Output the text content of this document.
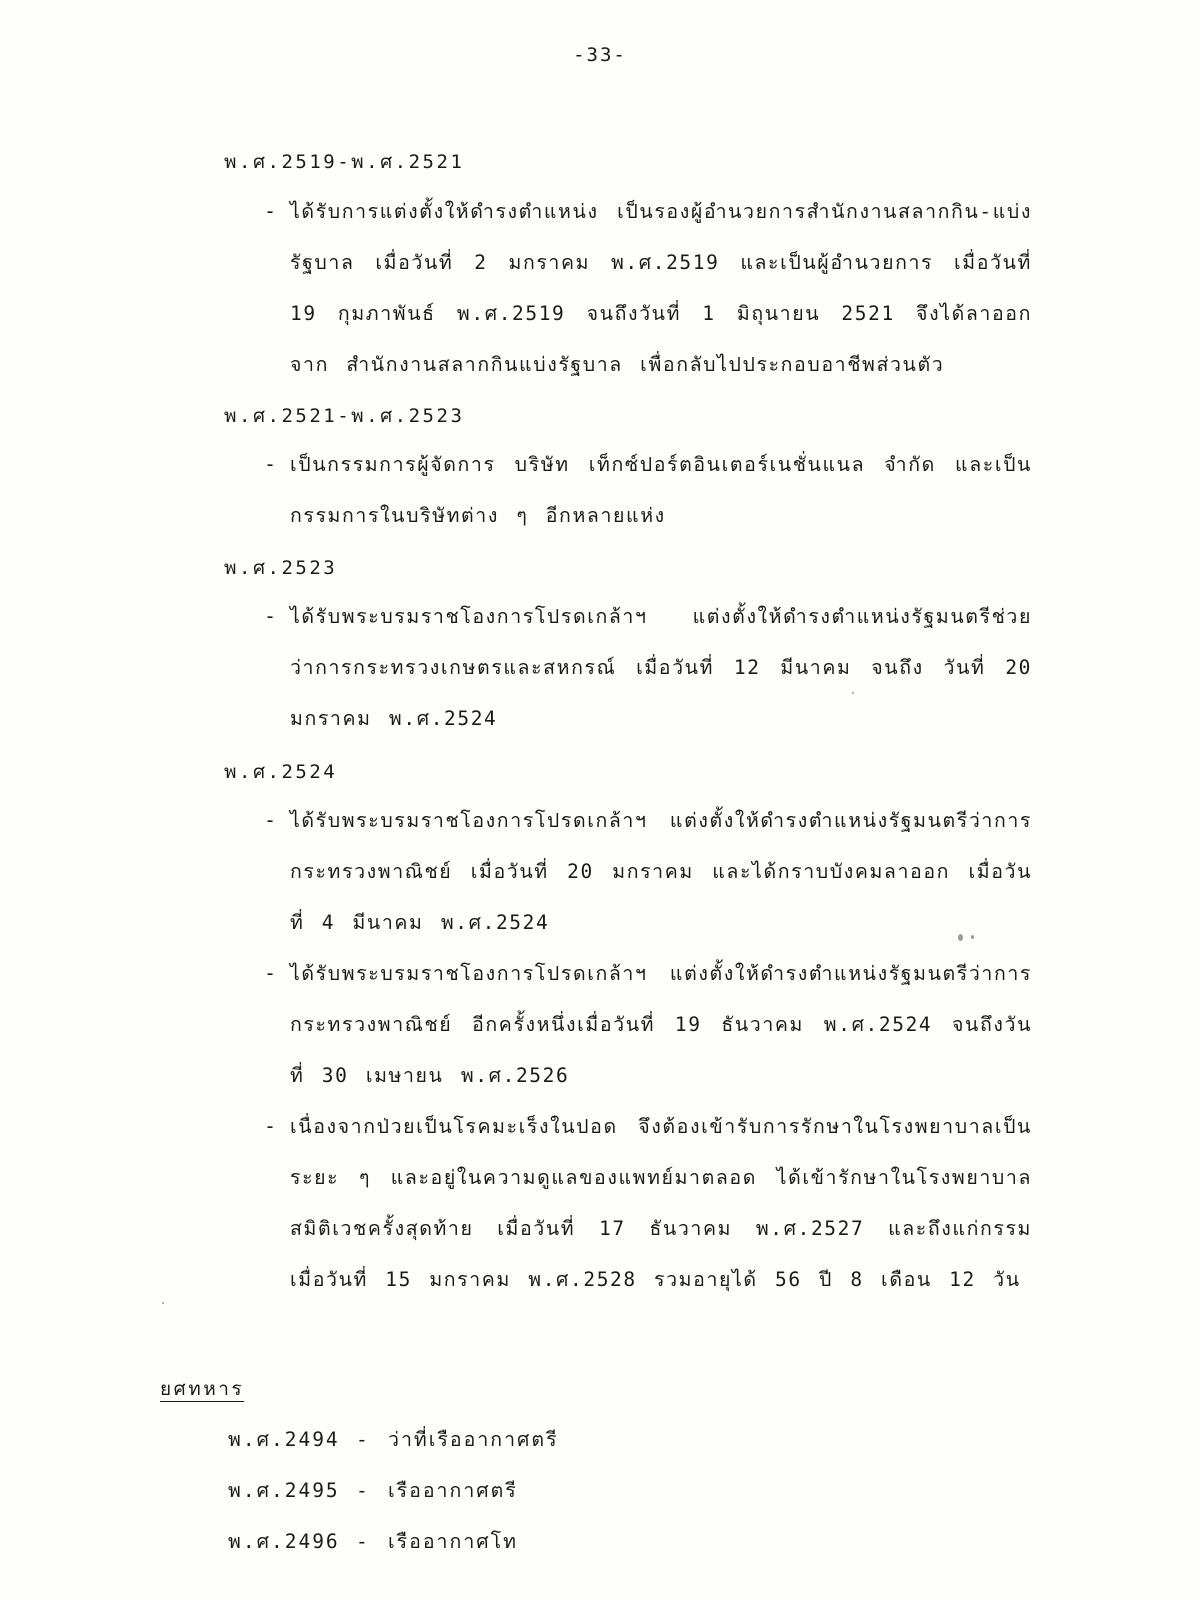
-33-
พ.ศ.2519-พ.ศ.2521
- ได้รับการแต่งตั้งให้ดำรงตำแหน่ง เป็นรองผู้อำนวยการสำนักงานสลากกิน-แบ่งรัฐบาล เมื่อวันที่ 2 มกราคม พ.ศ.2519 และเป็นผู้อำนวยการ เมื่อวันที่ 19 กุมภาพันธ์ พ.ศ.2519 จนถึงวันที่ 1 มิถุนายน 2521 จึงได้ลาออกจาก สำนักงานสลากกินแบ่งรัฐบาล เพื่อกลับไปประกอบอาชีพส่วนตัว
พ.ศ.2521-พ.ศ.2523
- เป็นกรรมการผู้จัดการ บริษัท เท็กซ์ปอร์ตอินเตอร์เนชั่นแนล จำกัด และเป็นกรรมการในบริษัทต่าง ๆ อีกหลายแห่ง
พ.ศ.2523
- ได้รับพระบรมราชโองการโปรดเกล้าฯ แต่งตั้งให้ดำรงตำแหน่งรัฐมนตรีช่วยว่าการกระทรวงเกษตรและสหกรณ์ เมื่อวันที่ 12 มีนาคม จนถึง วันที่ 20 มกราคม พ.ศ.2524
พ.ศ.2524
- ได้รับพระบรมราชโองการโปรดเกล้าฯ แต่งตั้งให้ดำรงตำแหน่งรัฐมนตรีว่าการกระทรวงพาณิชย์ เมื่อวันที่ 20 มกราคม และได้กราบบังคมลาออก เมื่อวันที่ 4 มีนาคม พ.ศ.2524
- ได้รับพระบรมราชโองการโปรดเกล้าฯ แต่งตั้งให้ดำรงตำแหน่งรัฐมนตรีว่าการกระทรวงพาณิชย์ อีกครั้งหนึ่งเมื่อวันที่ 19 ธันวาคม พ.ศ.2524 จนถึงวันที่ 30 เมษายน พ.ศ.2526
- เนื่องจากป่วยเป็นโรคมะเร็งในปอด จึงต้องเข้ารับการรักษาในโรงพยาบาลเป็นระยะ ๆ และอยู่ในความดูแลของแพทย์มาตลอด ได้เข้ารักษาในโรงพยาบาลสมิติเวชครั้งสุดท้าย เมื่อวันที่ 17 ธันวาคม พ.ศ.2527 และถึงแก่กรรม เมื่อวันที่ 15 มกราคม พ.ศ.2528 รวมอายุได้ 56 ปี 8 เดือน 12 วัน
ยศทหาร
พ.ศ.2494 - ว่าที่เรืออากาศตรี
พ.ศ.2495 - เรืออากาศตรี
พ.ศ.2496 - เรืออากาศโท
